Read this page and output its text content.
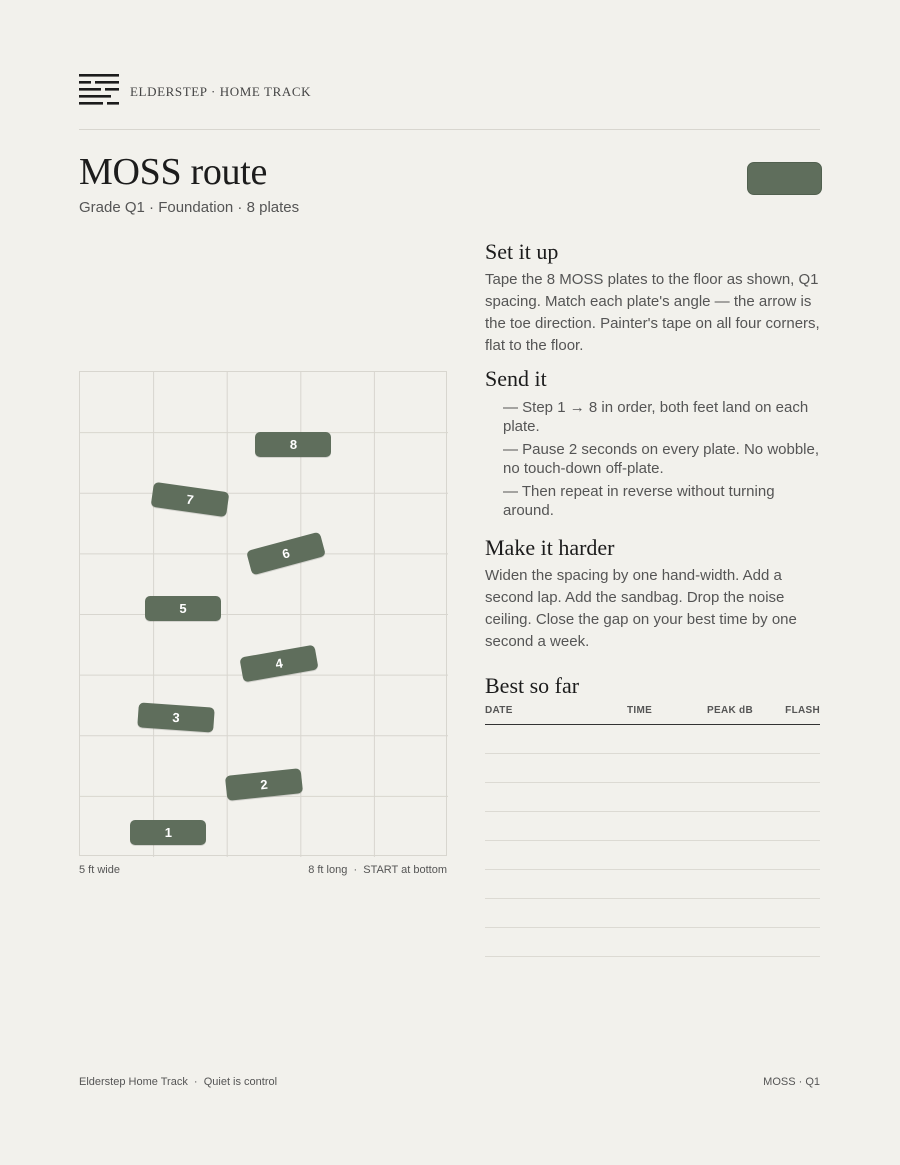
ELDERSTEP · HOME TRACK
MOSS route
Grade Q1 · Foundation · 8 plates
1
2
3
4
5
6
7
8
5 ft wide	8 ft long  ·  START at bottom
Set it up
Tape the 8 MOSS plates to the floor as shown, Q1 spacing. Match each plate's angle — the arrow is the toe direction. Painter's tape on all four corners, flat to the floor.
Send it
— Step 1 → 8 in order, both feet land on each plate.
— Pause 2 seconds on every plate. No wobble, no touch-down off-plate.
— Then repeat in reverse without turning around.
Make it harder
Widen the spacing by one hand-width. Add a second lap. Add the sandbag. Drop the noise ceiling. Close the gap on your best time by one second a week.
Best so far
DATE	TIME	PEAK dB	FLASH
Elderstep Home Track  ·  Quiet is control	MOSS · Q1
